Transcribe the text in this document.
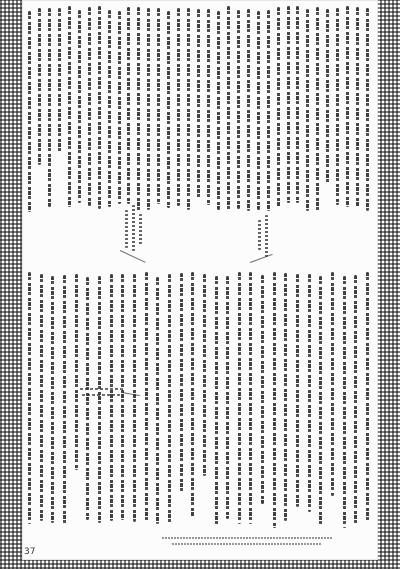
37
